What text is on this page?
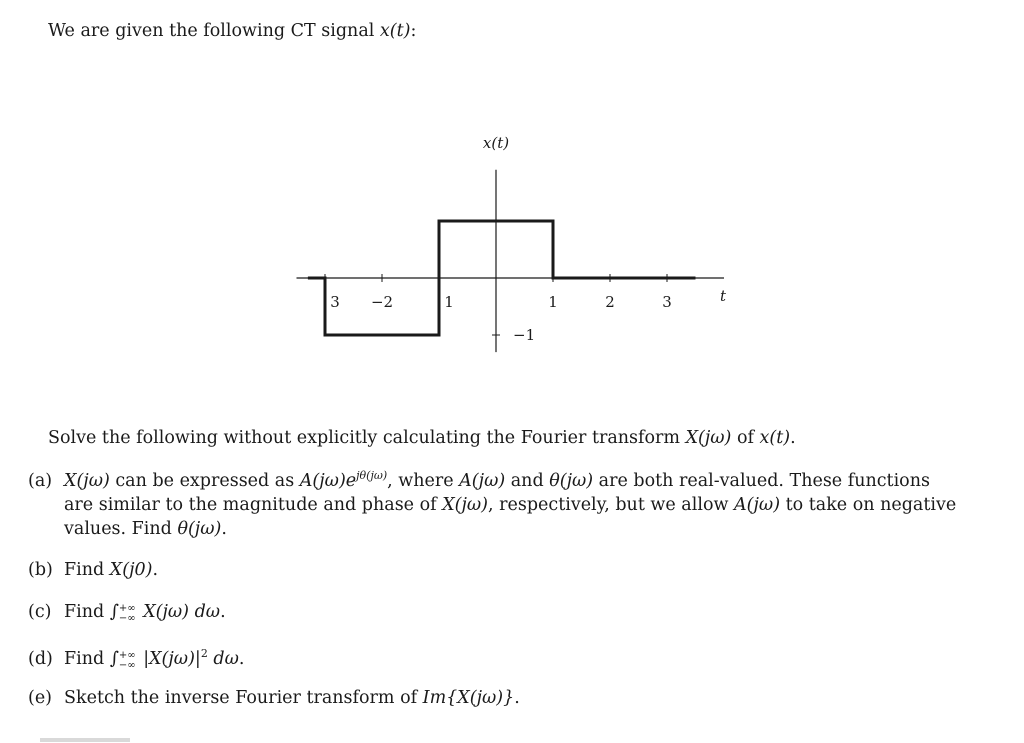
We are given the following CT signal x(t):
3 −2	1	1	2	3
−1
x(t)
t
Solve the following without explicitly calculating the Fourier transform X(jω) of x(t).
(a) X(jω) can be expressed as $A(j\omega)e^{j\theta(j\omega)}$, where A(jω) and θ(jω) are both real-valued. These functions
are similar to the magnitude and phase of X(jω), respectively, but we allow A(jω) to take on negative
values. Find θ(jω).
(b) Find X(j0).
(c) Find ∫ +∞
−∞ X(jω) dω.
(d) Find ∫ +∞
−∞ $|X(j\omega)|^2$ dω.
(e) Sketch the inverse Fourier transform of Im{X(jω)}.
